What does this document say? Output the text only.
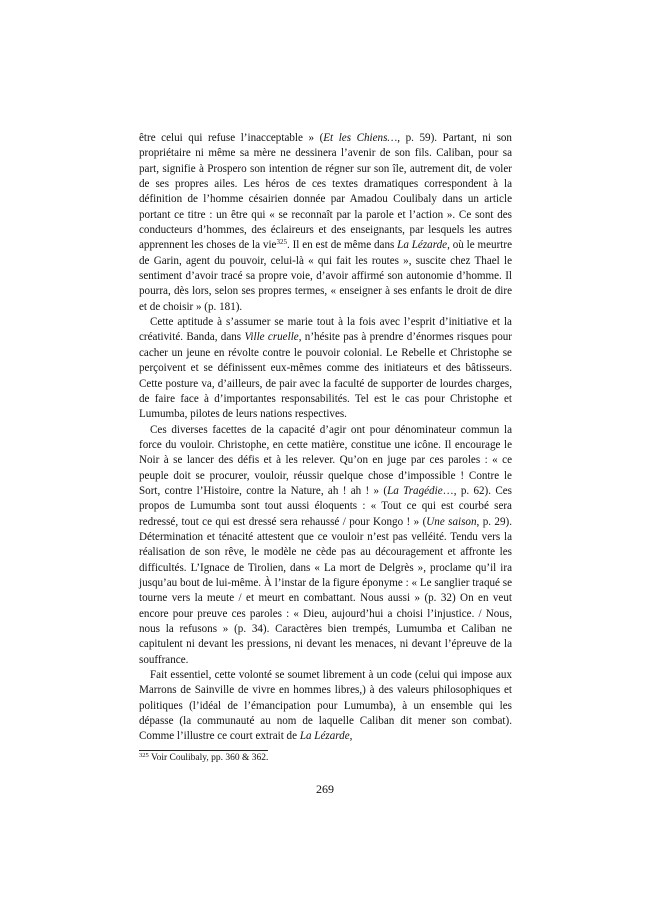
être celui qui refuse l’inacceptable » (Et les Chiens…, p. 59). Partant, ni son propriétaire ni même sa mère ne dessinera l’avenir de son fils. Caliban, pour sa part, signifie à Prospero son intention de régner sur son île, autrement dit, de voler de ses propres ailes. Les héros de ces textes dramatiques correspondent à la définition de l’homme césairien donnée par Amadou Coulibaly dans un article portant ce titre : un être qui « se reconnaît par la parole et l’action ». Ce sont des conducteurs d’hommes, des éclaireurs et des enseignants, par lesquels les autres apprennent les choses de la vie$^{325}$. Il en est de même dans La Lézarde, où le meurtre de Garin, agent du pouvoir, celui-là « qui fait les routes », suscite chez Thael le sentiment d’avoir tracé sa propre voie, d’avoir affirmé son autonomie d’homme. Il pourra, dès lors, selon ses propres termes, « enseigner à ses enfants le droit de dire et de choisir » (p. 181).

Cette aptitude à s’assumer se marie tout à la fois avec l’esprit d’initiative et la créativité. Banda, dans Ville cruelle, n’hésite pas à prendre d’énormes risques pour cacher un jeune en révolte contre le pouvoir colonial. Le Rebelle et Christophe se perçoivent et se définissent eux-mêmes comme des initiateurs et des bâtisseurs. Cette posture va, d’ailleurs, de pair avec la faculté de supporter de lourdes charges, de faire face à d’importantes responsabilités. Tel est le cas pour Christophe et Lumumba, pilotes de leurs nations respectives.

Ces diverses facettes de la capacité d’agir ont pour dénominateur commun la force du vouloir. Christophe, en cette matière, constitue une icône. Il encourage le Noir à se lancer des défis et à les relever. Qu’on en juge par ces paroles : « ce peuple doit se procurer, vouloir, réussir quelque chose d’impossible ! Contre le Sort, contre l’Histoire, contre la Nature, ah ! ah ! » (La Tragédie…, p. 62). Ces propos de Lumumba sont tout aussi éloquents : « Tout ce qui est courbé sera redressé, tout ce qui est dressé sera rehaussé / pour Kongo ! » (Une saison, p. 29). Détermination et ténacité attestent que ce vouloir n’est pas velléité. Tendu vers la réalisation de son rêve, le modèle ne cède pas au découragement et affronte les difficultés. L’Ignace de Tirolien, dans « La mort de Delgrès », proclame qu’il ira jusqu’au bout de lui-même. À l’instar de la figure éponyme : « Le sanglier traqué se tourne vers la meute / et meurt en combattant. Nous aussi » (p. 32) On en veut encore pour preuve ces paroles : « Dieu, aujourd’hui a choisi l’injustice. / Nous, nous la refusons » (p. 34). Caractères bien trempés, Lumumba et Caliban ne capitulent ni devant les pressions, ni devant les menaces, ni devant l’épreuve de la souffrance.

Fait essentiel, cette volonté se soumet librement à un code (celui qui impose aux Marrons de Sainville de vivre en hommes libres,) à des valeurs philosophiques et politiques (l’idéal de l’émancipation pour Lumumba), à un ensemble qui les dépasse (la communauté au nom de laquelle Caliban dit mener son combat). Comme l’illustre ce court extrait de La Lézarde,

$^{325}$ Voir Coulibaly, pp. 360 & 362.
269
